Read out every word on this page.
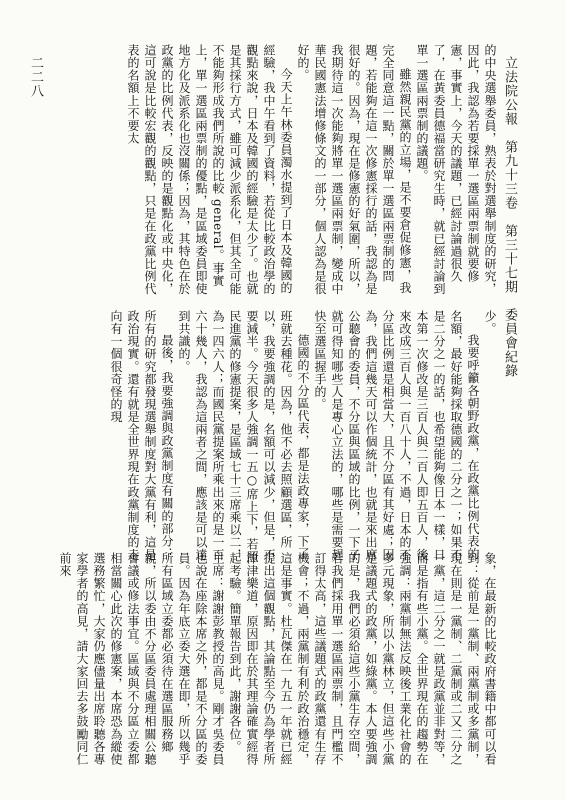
立法院公報　第九十三卷　第三十七期　委員會紀錄
二二八	的中央選舉委員，熟表於對選舉制度的研究，因此，我認為若要採單一選區兩票制就要修憲，事實上，今天的議題，已經討論過很久了，在黃委員德福當研究生時，就已經討論到單一選區兩票制的議題。

雖然親民黨的立場，是不要倉促修憲，我完全同意這一點，關於單一選區兩票制的問題，若能夠在這一次修憲採行的話，我認為是很好的。因為，現在是修憲的好氣圍，所以，我期待這一次能夠將單一選區兩票制，變成中華民國憲法增修條文的一部分，個人認為是很好的。

今天上午林委員濁水提到了日本及韓國的經驗，我中午看到了資料，若從比較政治學的觀點來說，日本及韓國的經驗是太少了。也就是其採行方式，雖可減少派系化，但其全可能不能夠形成我們所說的比較 general。事實上，單一選區兩票制的優點，是區域委員即使地方化及派系化也沒關係；因為，其特色在於政黨的比例代表，反映的是觀點化或中央化，這可說是比較宏觀的觀點，只是在政黨比例代表的名額上不要太

少。

我要呼籲各朝野政黨，在政黨比例代表的名額，最好能夠採取德國的二分之一；如果不是二分之一的話，也希望能夠像日本一樣，日本第一次修改是三百人與二百人即五百人，後來改成三百人與一百八十人，不過，日本的不分區比例還是相當大，且不分區有其好處；因為，我們這幾天可以作個統計，也就是來出席公聽會的委員，不分區與區域的比例，一下子就可得知哪些人是專心立法的，哪些是需要趕快至選區握手的。

德國的不分區代表，都是法政專家，下了班就去種花。因為，他不必去照顧選區，所以，我要強調的是，名額可以減少，但是，不要減半。今天很多人強調一五○席上下，若照民進黨的修憲提案，是區域七十三席乘以二，為一四六人；而國民黨提案所乘出來的是一百六十幾人，我認為這兩者之間，應該是可以達到共識的。

最後，我要強調與政黨制度有關的部分：所有的研究都發現選舉制度對大黨有利，這是政治現實。還有就是全世界現在政黨制度的走向有一個很奇怪的現

象，在最新的比較政府書籍中都可以看到：從前是一黨制、兩黨制或多黨制，現在則是一黨制、二黨制或二又二分之一黨，這二分之一就是政黨並非對等，而是指有些小黨。全世界現在的趨勢在強調：兩黨制無法反映後工業化社會的多元現象，所以小黨林立，但這些小黨是議題式的政黨，如綠黨。本人要強調的是，我們必須給這些小黨生存空間，若我們採用單一選區兩票制，且門檻不訂得太高，這些議題式的政黨還有生存機會；不過，兩黨制有利於政治穩定，這是事實。杜瓦傑在一九五一年就已經提出這個觀點，其論點至今仍為學者所津津樂道，原因即在於其理論確實經得起考驗。簡單報告到此，謝謝各位。

主席：謝謝彭教授的高見。剛才吳委員也說在座除本席之外，都是不分區的委員。因為年底立委大選在即，所以幾乎所有區域立委都必須待在選區服務鄉親，所以委由不分區委員處理相關公聽會議或修法事宜。區域與不分區立委都相當關心此次的修憲案，本席恐為縱使選務繁忙，大家仍應儘量出席聆聽各專家學者的高見，請大家回去多鼓勵同仁前來
